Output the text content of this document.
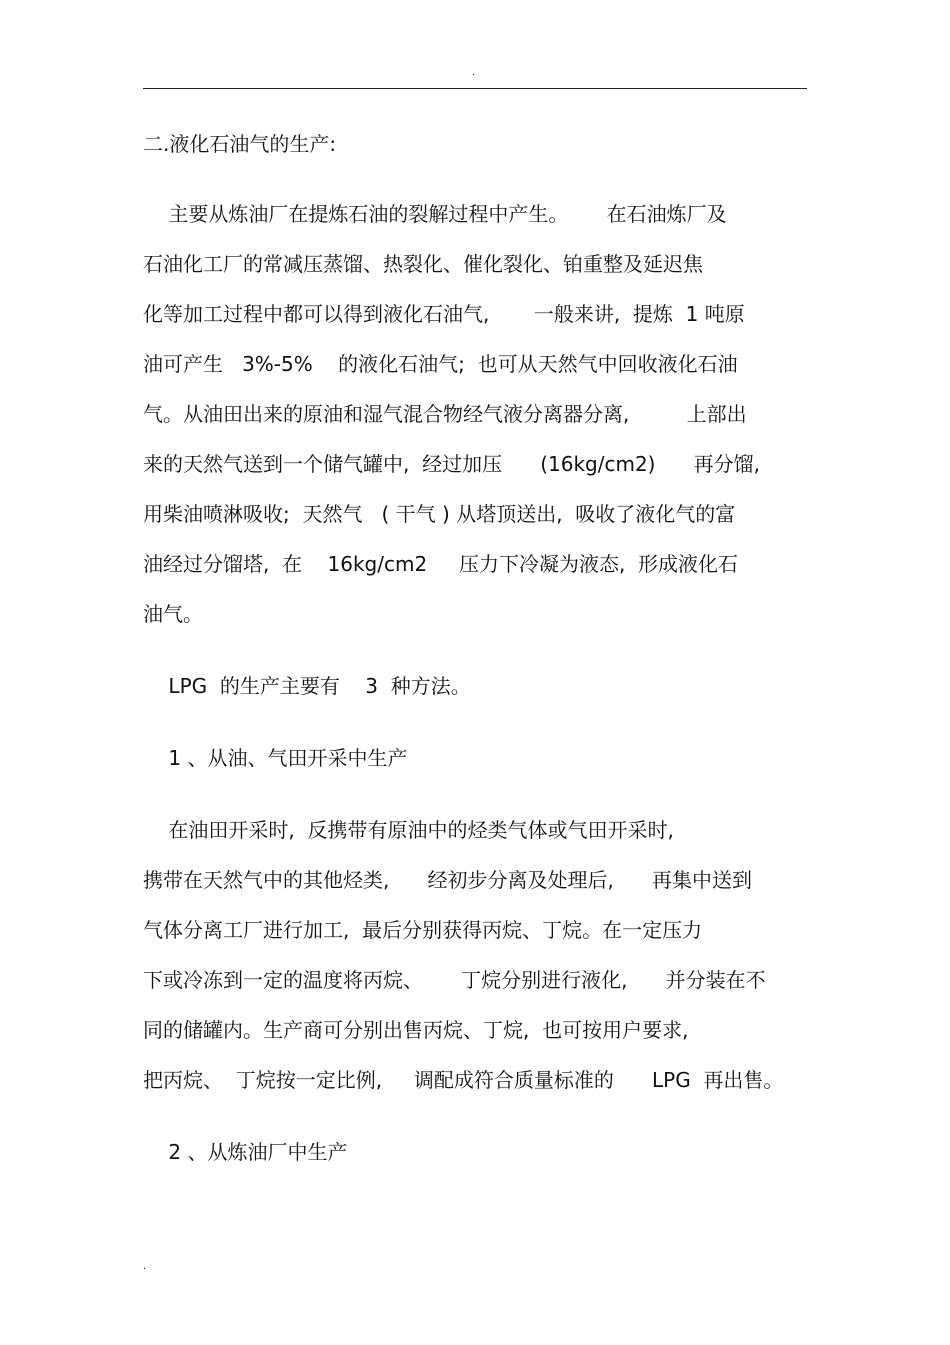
.
二.液化石油气的生产:
主要从炼油厂在提炼石油的裂解过程中产生。      在石油炼厂及
石油化工厂的常减压蒸馏、热裂化、催化裂化、铂重整及延迟焦
化等加工过程中都可以得到液化石油气,       一般来讲,  提炼  1 吨原
油可产生   3%-5%    的液化石油气;  也可从天然气中回收液化石油
气。从油田出来的原油和湿气混合物经气液分离器分离,         上部出
来的天然气送到一个储气罐中,  经过加压      (16kg/cm2)      再分馏,
用柴油喷淋吸收;  天然气   ( 干气 ) 从塔顶送出,  吸收了液化气的富
油经过分馏塔,  在    16kg/cm2     压力下冷凝为液态,  形成液化石
油气。
LPG  的生产主要有    3  种方法。
1 、从油、气田开采中生产
在油田开采时,  反携带有原油中的烃类气体或气田开采时,
携带在天然气中的其他烃类,      经初步分离及处理后,      再集中送到
气体分离工厂进行加工,  最后分别获得丙烷、丁烷。在一定压力
下或冷冻到一定的温度将丙烷、      丁烷分别进行液化,      并分装在不
同的储罐内。生产商可分别出售丙烷、丁烷,  也可按用户要求,
把丙烷、  丁烷按一定比例,     调配成符合质量标准的      LPG  再出售。
2 、从炼油厂中生产
.
